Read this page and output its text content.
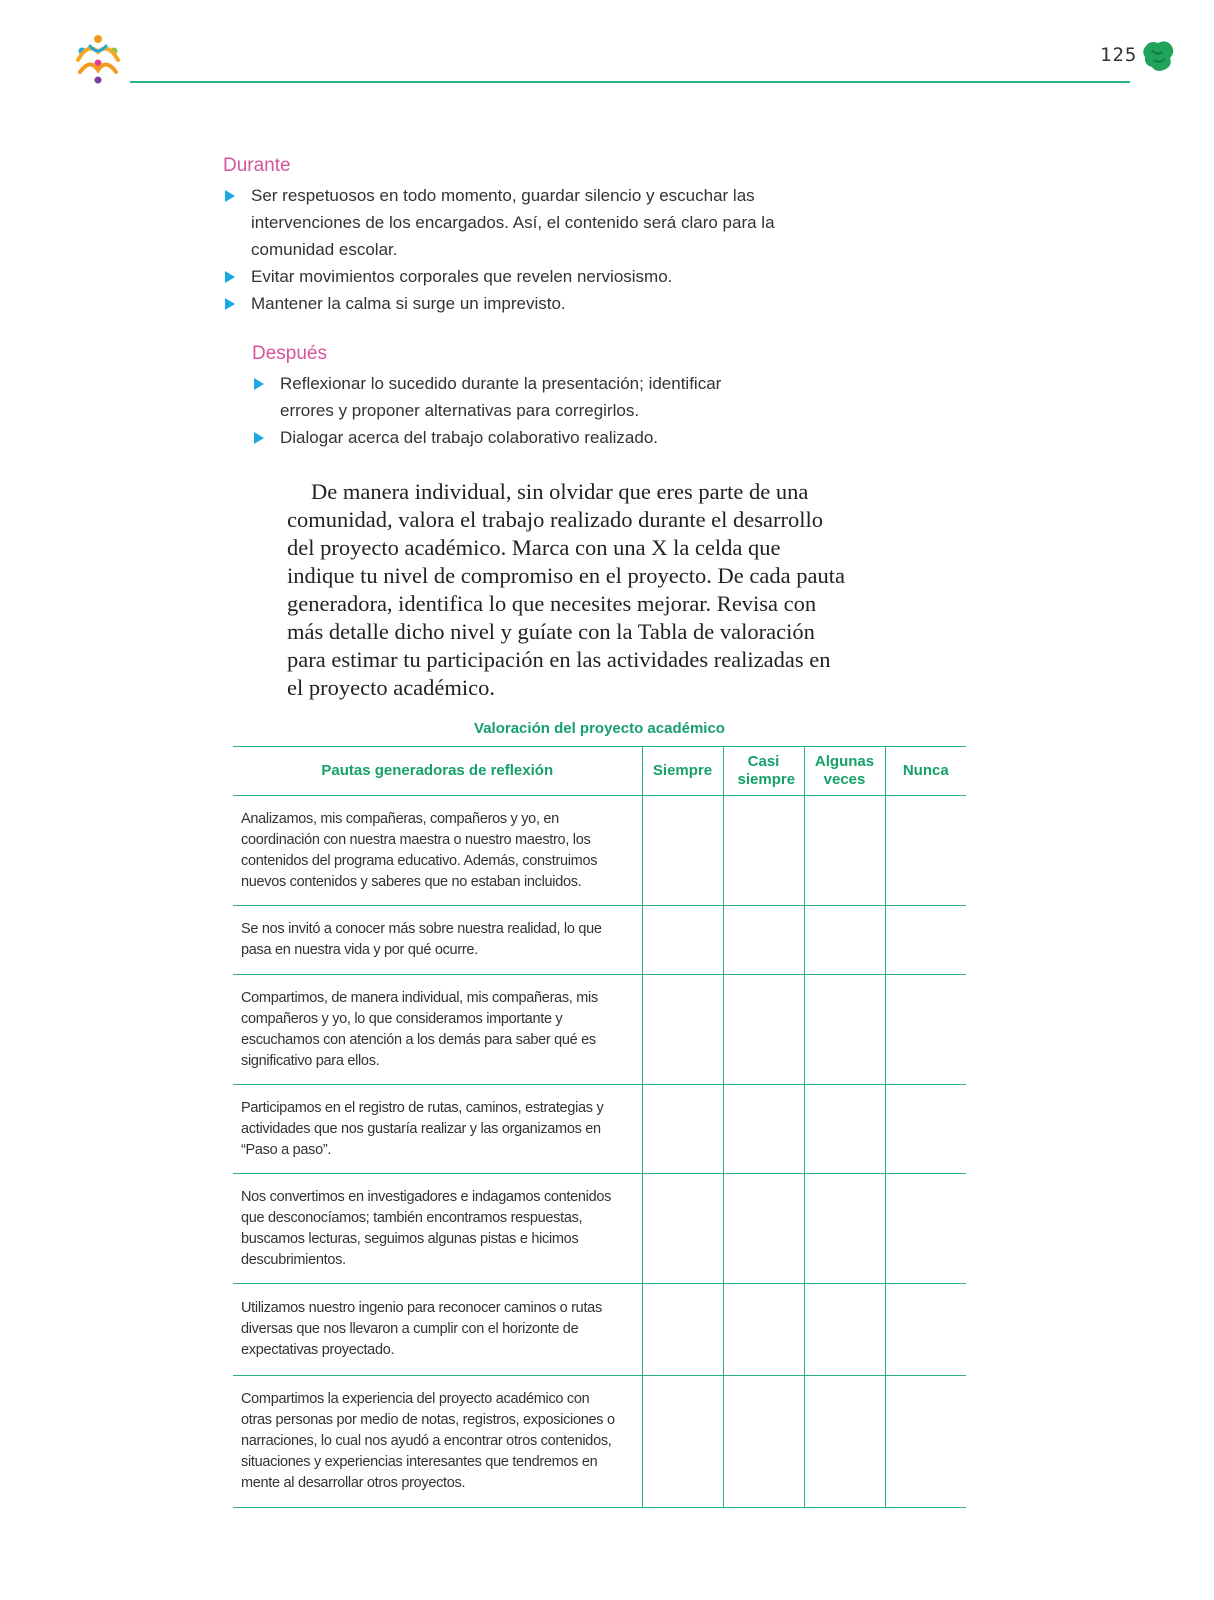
125
Durante
Ser respetuosos en todo momento, guardar silencio y escuchar las intervenciones de los encargados. Así, el contenido será claro para la comunidad escolar.
Evitar movimientos corporales que revelen nerviosismo.
Mantener la calma si surge un imprevisto.
Después
Reflexionar lo sucedido durante la presentación; identificar errores y proponer alternativas para corregirlos.
Dialogar acerca del trabajo colaborativo realizado.

De manera individual, sin olvidar que eres parte de una comunidad, valora el trabajo realizado durante el desarrollo del proyecto académico. Marca con una X la celda que indique tu nivel de compromiso en el proyecto. De cada pauta generadora, identifica lo que necesites mejorar. Revisa con más detalle dicho nivel y guíate con la Tabla de valoración para estimar tu participación en las actividades realizadas en el proyecto académico.

Valoración del proyecto académico
Pautas generadoras de reflexión	Siempre	Casi siempre	Algunas veces	Nunca
Analizamos, mis compañeras, compañeros y yo, en coordinación con nuestra maestra o nuestro maestro, los contenidos del programa educativo. Además, construimos nuevos contenidos y saberes que no estaban incluidos.				
Se nos invitó a conocer más sobre nuestra realidad, lo que pasa en nuestra vida y por qué ocurre.				
Compartimos, de manera individual, mis compañeras, mis compañeros y yo, lo que consideramos importante y escuchamos con atención a los demás para saber qué es significativo para ellos.				
Participamos en el registro de rutas, caminos, estrategias y actividades que nos gustaría realizar y las organizamos en “Paso a paso”.				
Nos convertimos en investigadores e indagamos contenidos que desconocíamos; también encontramos respuestas, buscamos lecturas, seguimos algunas pistas e hicimos descubrimientos.				
Utilizamos nuestro ingenio para reconocer caminos o rutas diversas que nos llevaron a cumplir con el horizonte de expectativas proyectado.				
Compartimos la experiencia del proyecto académico con otras personas por medio de notas, registros, exposiciones o narraciones, lo cual nos ayudó a encontrar otros contenidos, situaciones y experiencias interesantes que tendremos en mente al desarrollar otros proyectos.				
